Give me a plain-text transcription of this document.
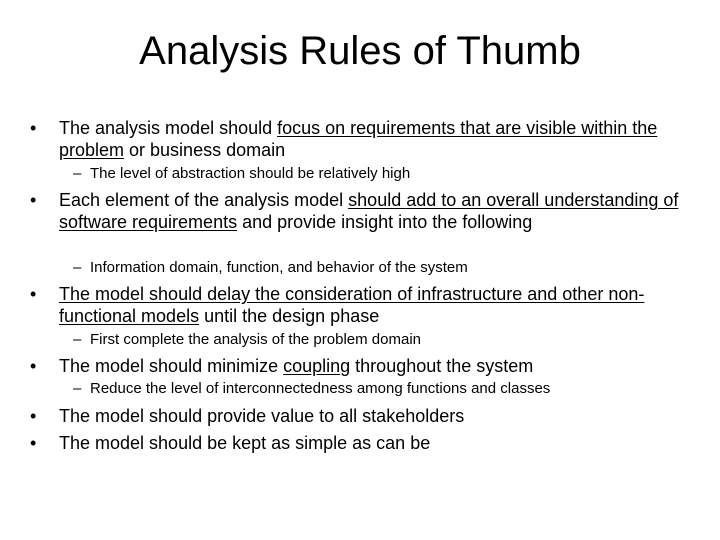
Analysis Rules of Thumb
•	The analysis model should focus on requirements that are visible within the problem or business domain
– The level of abstraction should be relatively high
•	Each element of the analysis model should add to an overall understanding of software requirements and provide insight into the following
– Information domain, function, and behavior of the system
•	The model should delay the consideration of infrastructure and other non-functional models until the design phase
– First complete the analysis of the problem domain
•	The model should minimize coupling throughout the system
– Reduce the level of interconnectedness among functions and classes
•	The model should provide value to all stakeholders
•	The model should be kept as simple as can be
